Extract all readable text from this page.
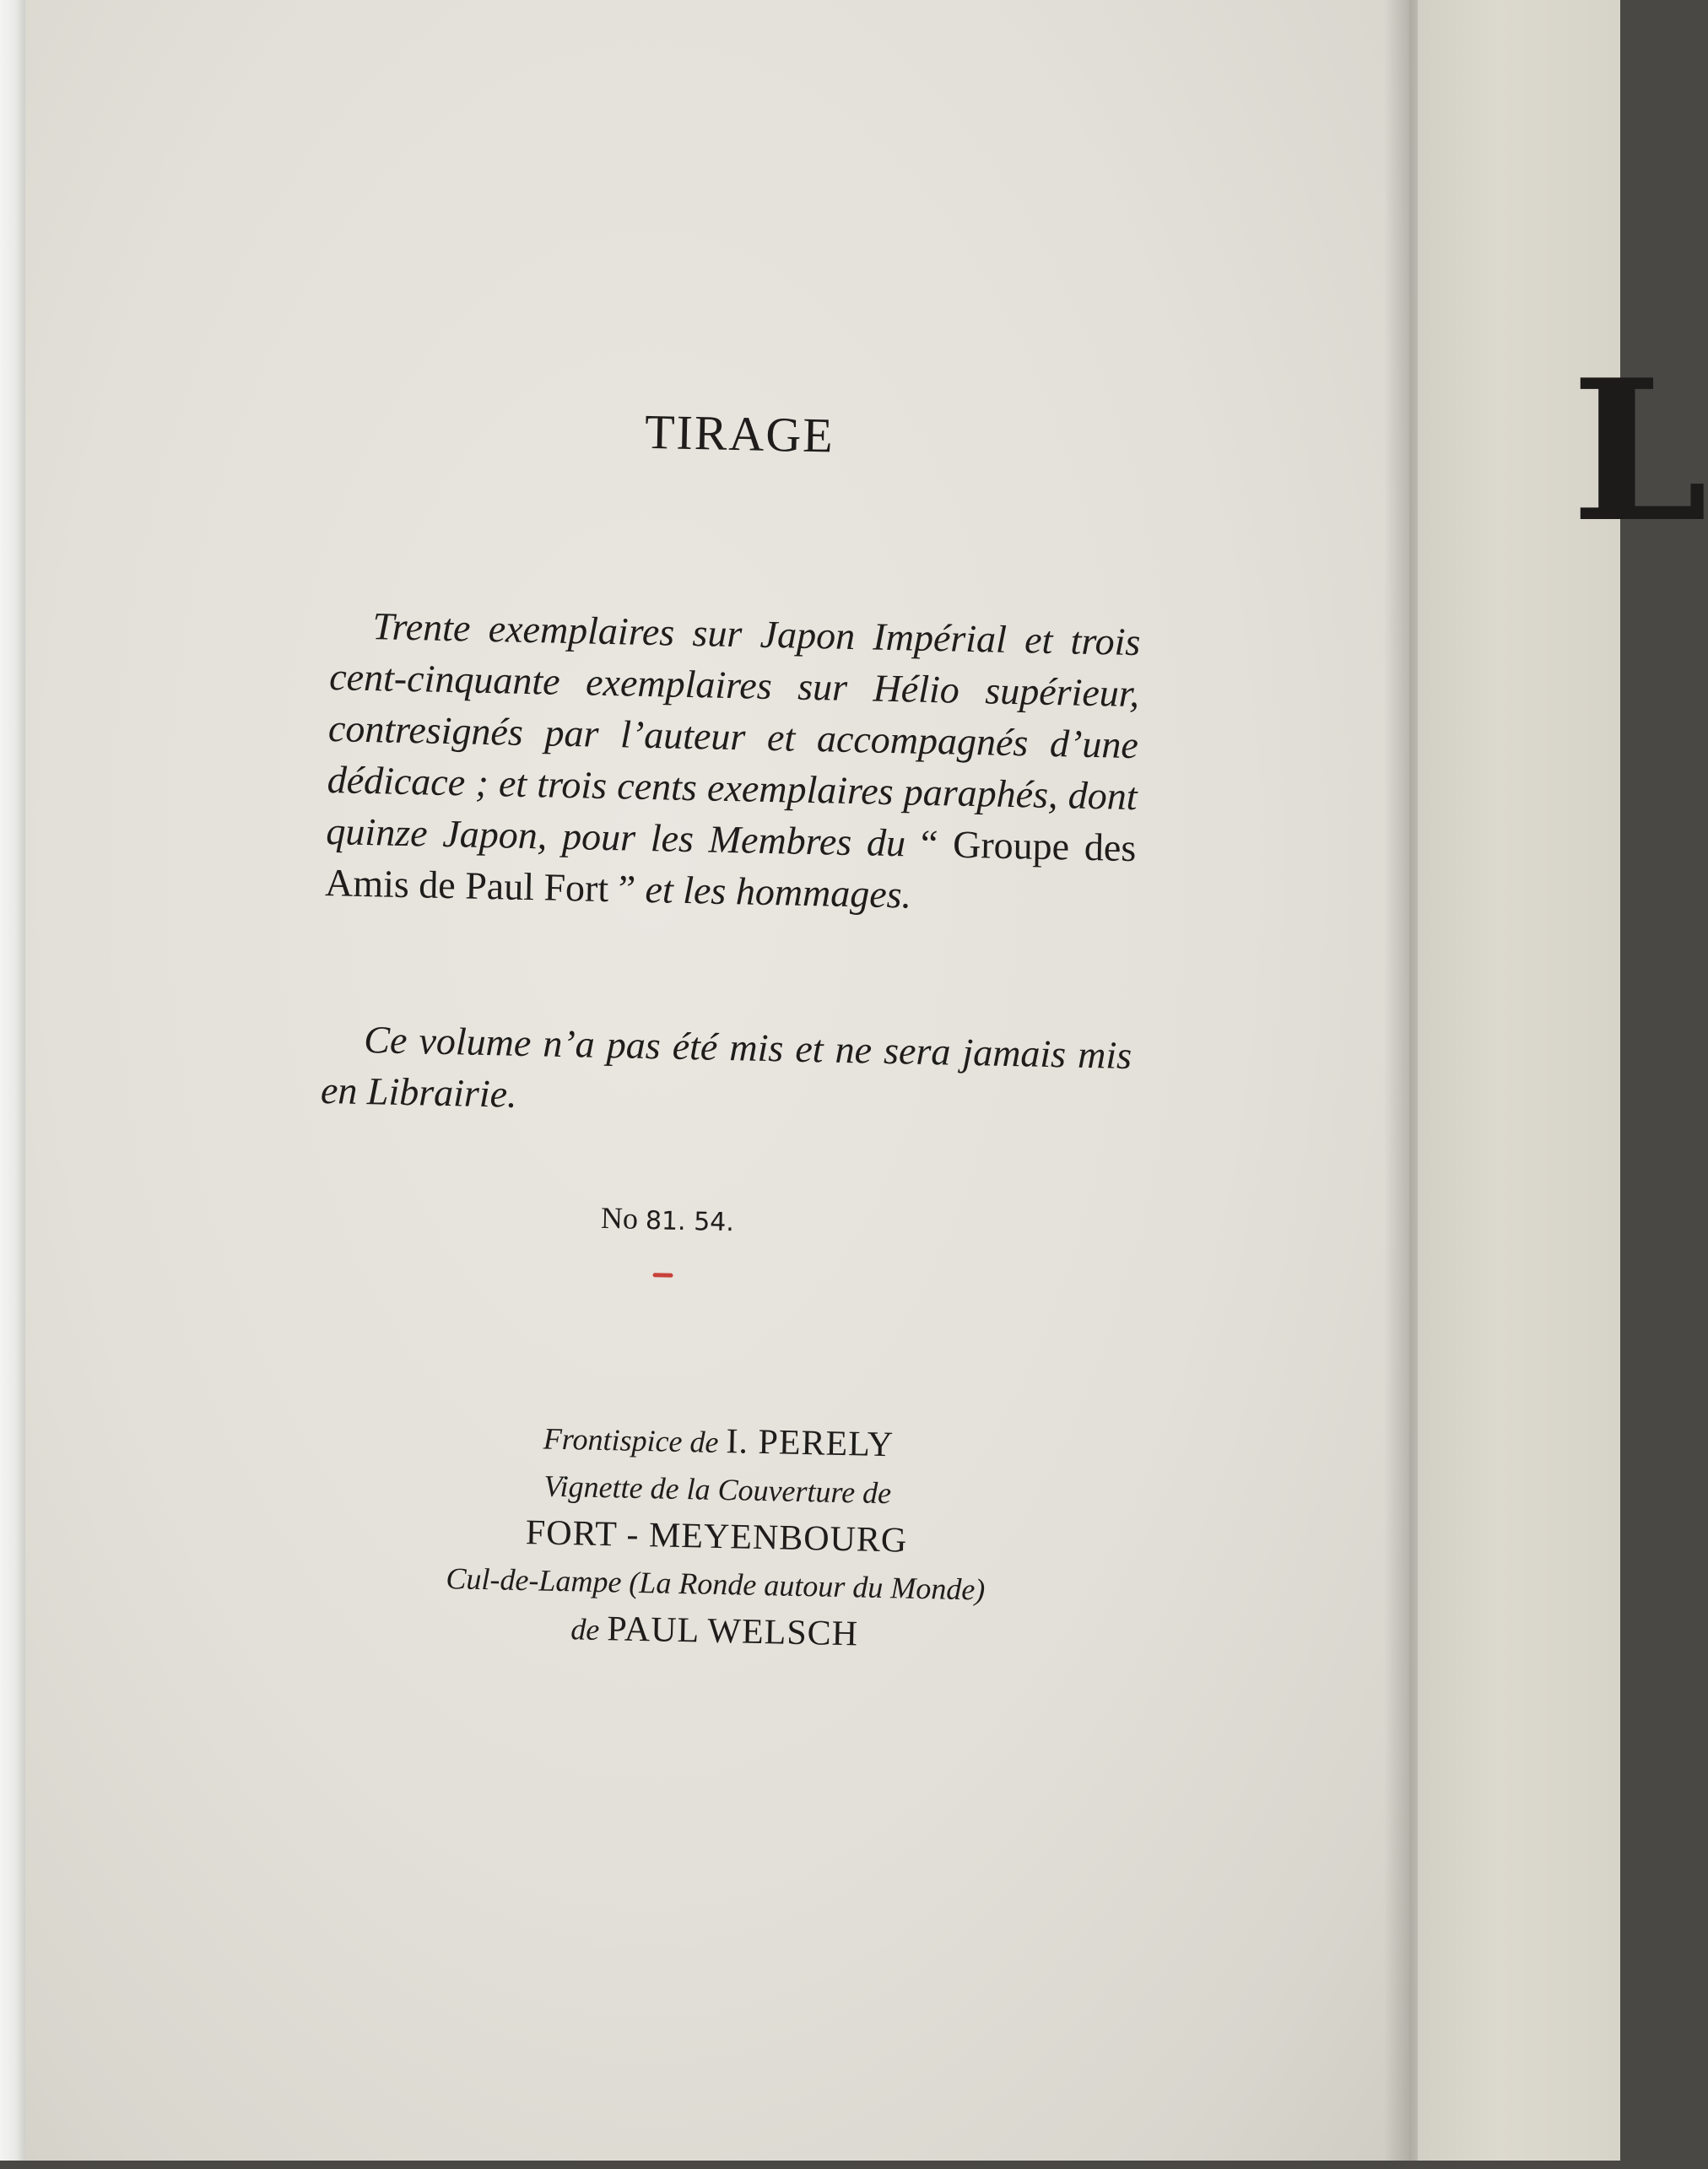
L
TIRAGE
Trente exemplaires sur Japon Impérial et trois cent-cinquante exemplaires sur Hélio supérieur, contresignés par l’auteur et accompagnés d’une dédicace ; et trois cents exemplaires paraphés, dont quinze Japon, pour les Membres du “ Groupe des Amis de Paul Fort ” et les hommages.
Ce volume n’a pas été mis et ne sera jamais mis en Librairie.
No 81. 54.
Frontispice de I. PERELY
Vignette de la Couverture de
FORT - MEYENBOURG
Cul-de-Lampe (La Ronde autour du Monde)
de PAUL WELSCH
